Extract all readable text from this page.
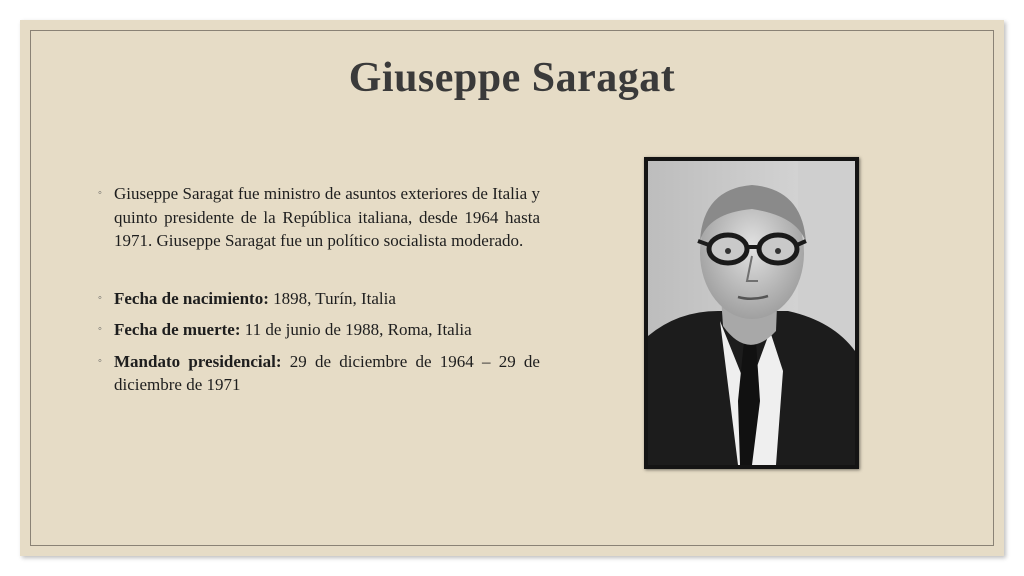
Giuseppe Saragat
◦ Giuseppe Saragat fue ministro de asuntos exteriores de Italia y quinto presidente de la República italiana, desde 1964 hasta 1971. Giuseppe Saragat fue un político socialista moderado.
◦ Fecha de nacimiento: 1898, Turín, Italia
◦ Fecha de muerte: 11 de junio de 1988, Roma, Italia
◦ Mandato presidencial: 29 de diciembre de 1964 – 29 de diciembre de 1971
